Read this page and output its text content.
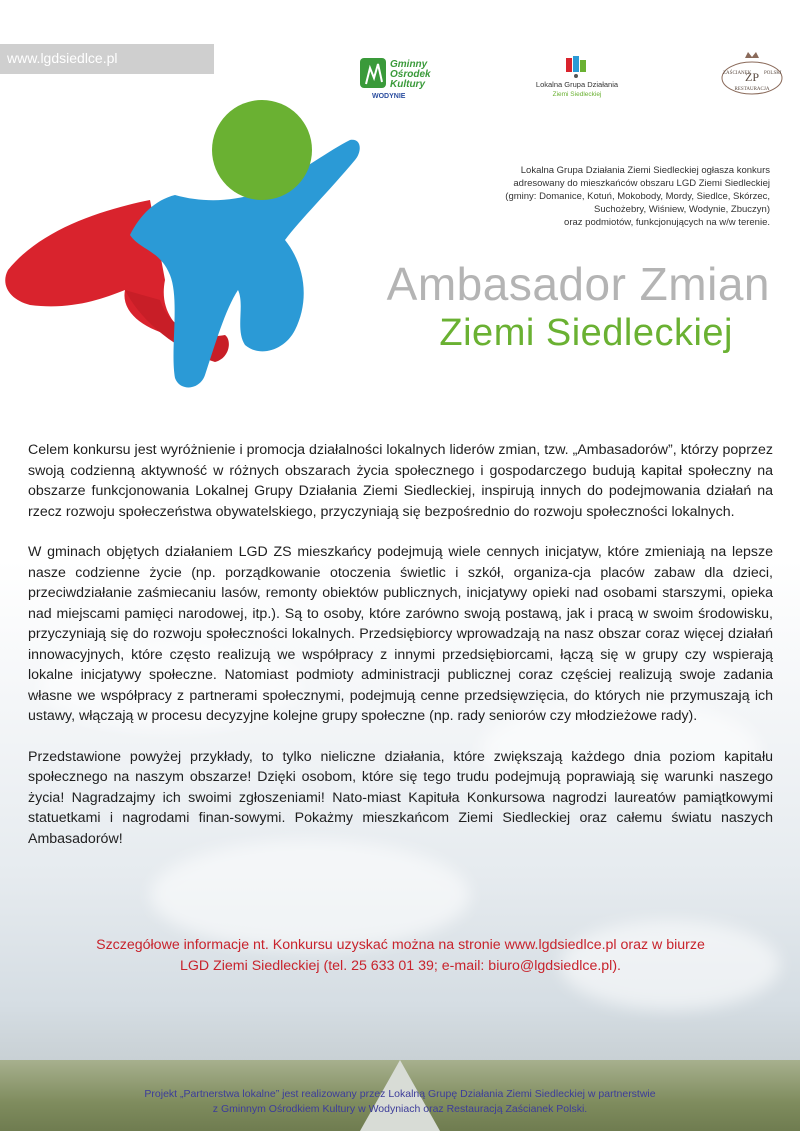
www.lgdsiedlce.pl	Gminny
Ośrodek
Kultury
WODYNIE
Lokalna Grupa Działania
Ziemi Siedleckiej
ZAŚCIANEK	POLSKI
ZP
RESTAURACJA
Lokalna Grupa Działania Ziemi Siedleckiej ogłasza konkurs
adresowany do mieszkańców obszaru LGD Ziemi Siedleckiej
(gminy: Domanice, Kotuń, Mokobody, Mordy, Siedlce, Skórzec,
Suchożebry, Wiśniew, Wodynie, Zbuczyn)
oraz podmiotów, funkcjonujących na w/w terenie.
Ambasador Zmian
Ziemi Siedleckiej

Celem konkursu jest wyróżnienie i promocja działalności lokalnych liderów zmian, tzw. „Ambasadorów”, którzy poprzez swoją codzienną aktywność w różnych obszarach życia społecznego i gospodarczego budują kapitał społeczny na obszarze funkcjonowania Lokalnej Grupy Działania Ziemi Siedleckiej, inspirują innych do podejmowania działań na rzecz rozwoju społeczeństwa obywatelskiego, przyczyniają się bezpośrednio do rozwoju społeczności lokalnych.

W gminach objętych działaniem LGD ZS mieszkańcy podejmują wiele cennych inicjatyw, które zmieniają na lepsze nasze codzienne życie (np. porządkowanie otoczenia świetlic i szkół, organiza-cja placów zabaw dla dzieci, przeciwdziałanie zaśmiecaniu lasów, remonty obiektów publicznych, inicjatywy opieki nad osobami starszymi, opieka nad miejscami pamięci narodowej, itp.). Są to osoby, które zarówno swoją postawą, jak i pracą w swoim środowisku, przyczyniają się do rozwoju społeczności lokalnych. Przedsiębiorcy wprowadzają na nasz obszar coraz więcej działań innowacyjnych, które często realizują we współpracy z innymi przedsiębiorcami, łączą się w grupy czy wspierają lokalne inicjatywy społeczne. Natomiast podmioty administracji publicznej coraz częściej realizują swoje zadania własne we współpracy z partnerami społecznymi, podejmują cenne przedsięwzięcia, do których nie przymuszają ich ustawy, włączają w procesu decyzyjne kolejne grupy społeczne (np. rady seniorów czy młodzieżowe rady).

Przedstawione powyżej przykłady, to tylko nieliczne działania, które zwiększają każdego dnia poziom kapitału społecznego na naszym obszarze! Dzięki osobom, które się tego trudu podejmują poprawiają się warunki naszego życia! Nagradzajmy ich swoimi zgłoszeniami! Nato-miast Kapituła Konkursowa nagrodzi laureatów pamiątkowymi statuetkami i nagrodami finan-sowymi. Pokażmy mieszkańcom Ziemi Siedleckiej oraz całemu światu naszych Ambasadorów!

Szczegółowe informacje nt. Konkursu uzyskać można na stronie www.lgdsiedlce.pl oraz w biurze
LGD Ziemi Siedleckiej (tel. 25 633 01 39; e-mail: biuro@lgdsiedlce.pl).
Projekt „Partnerstwa lokalne” jest realizowany przez Lokalną Grupę Działania Ziemi Siedleckiej w partnerstwie
z Gminnym Ośrodkiem Kultury w Wodyniach oraz Restauracją Zaścianek Polski.
